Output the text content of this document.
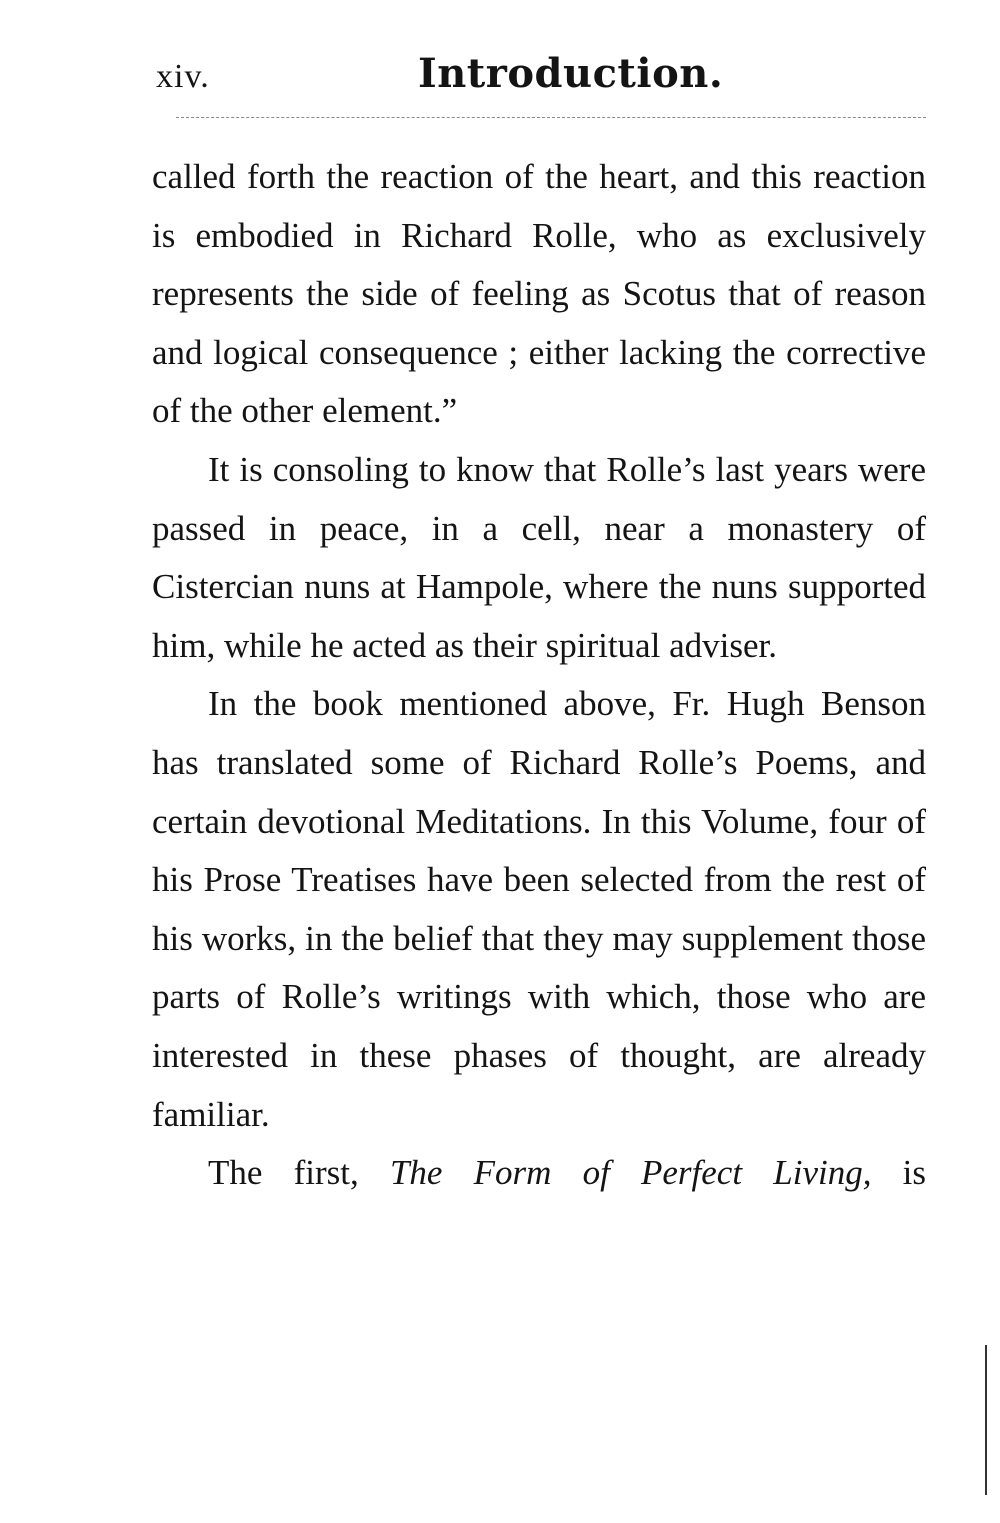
xiv.	Introduction.

called forth the reaction of the heart, and this reaction is embodied in Richard Rolle, who as exclusively represents the side of feeling as Scotus that of reason and logical consequence ; either lacking the corrective of the other element.”

It is consoling to know that Rolle’s last years were passed in peace, in a cell, near a monastery of Cistercian nuns at Hampole, where the nuns supported him, while he acted as their spiritual adviser.

In the book mentioned above, Fr. Hugh Benson has translated some of Richard Rolle’s Poems, and certain devotional Meditations. In this Volume, four of his Prose Treatises have been selected from the rest of his works, in the belief that they may supplement those parts of Rolle’s writings with which, those who are interested in these phases of thought, are already familiar.

The first, The Form of Perfect Living, is
